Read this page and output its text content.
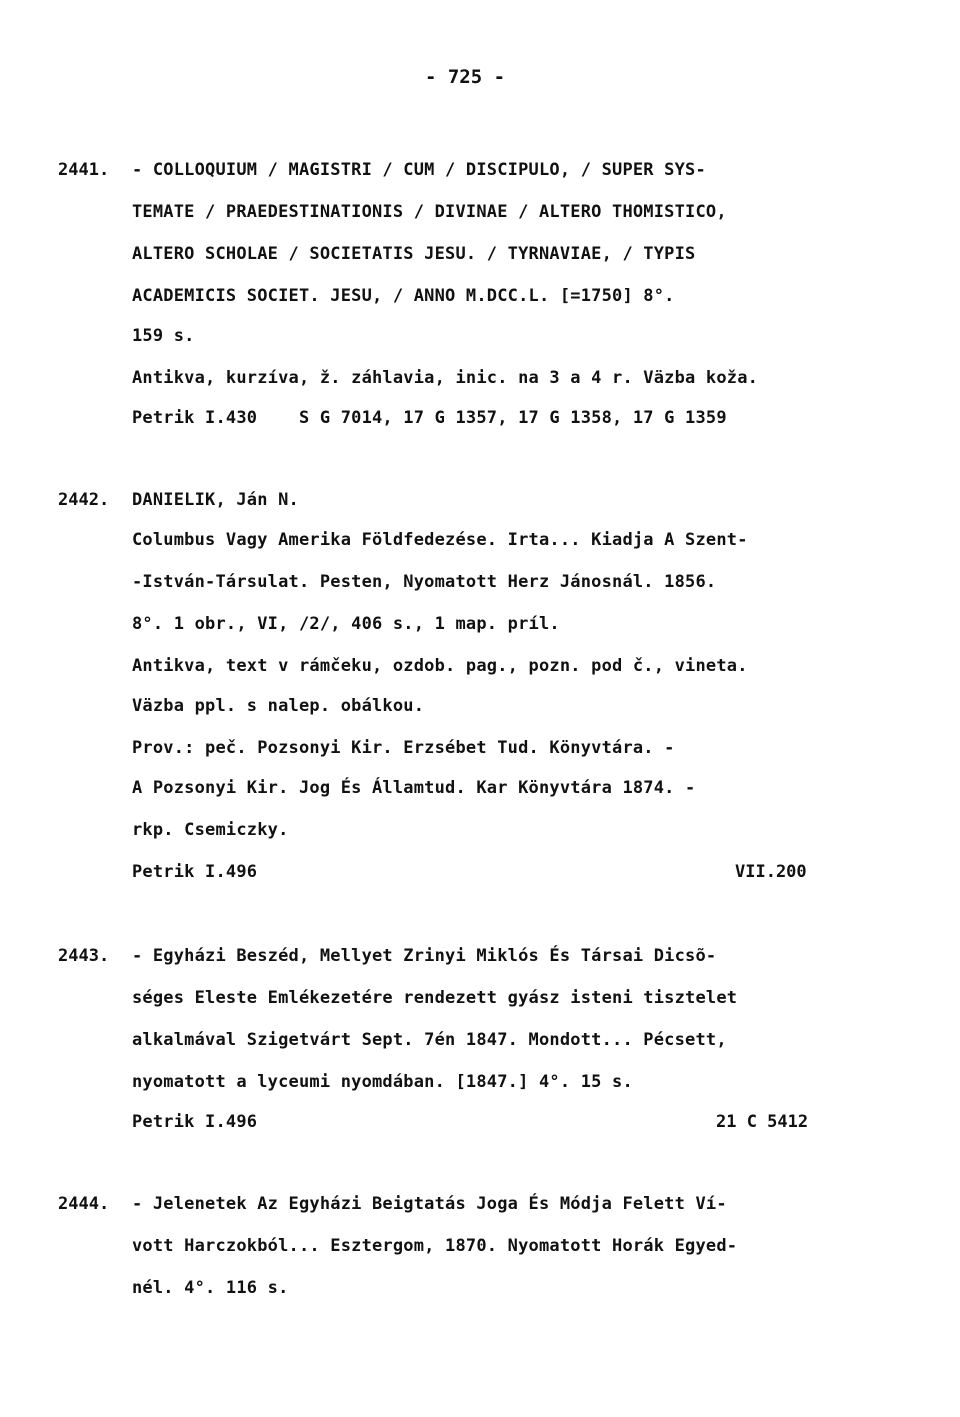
- 725 -
2441. - COLLOQUIUM / MAGISTRI / CUM / DISCIPULO, / SUPER SYS-
TEMATE / PRAEDESTINATIONIS / DIVINAE / ALTERO THOMISTICO,
ALTERO SCHOLAE / SOCIETATIS JESU. / TYRNAVIAE, / TYPIS
ACADEMICIS SOCIET. JESU, / ANNO M.DCC.L. [=1750] 8°.
159 s.
Antikva, kurzíva, ž. záhlavia, inic. na 3 a 4 r. Väzba koža.
Petrik I.430    S G 7014, 17 G 1357, 17 G 1358, 17 G 1359
2442. DANIELIK, Ján N.
Columbus Vagy Amerika Földfedezése. Irta... Kiadja A Szent-
-István-Társulat. Pesten, Nyomatott Herz Jánosnál. 1856.
8°. 1 obr., VI, /2/, 406 s., 1 map. príl.
Antikva, text v rámčeku, ozdob. pag., pozn. pod č., vineta.
Väzba ppl. s nalep. obálkou.
Prov.: peč. Pozsonyi Kir. Erzsébet Tud. Könyvtára. -
A Pozsonyi Kir. Jog És Államtud. Kar Könyvtára 1874. -
rkp. Csemiczky.
Petrik I.496	VII.200
2443. - Egyházi Beszéd, Mellyet Zrinyi Miklós És Társai Dicsõ-
séges Eleste Emlékezetére rendezett gyász isteni tisztelet
alkalmával Szigetvárt Sept. 7én 1847. Mondott... Pécsett,
nyomatott a lyceumi nyomdában. [1847.] 4°. 15 s.
Petrik I.496	21 C 5412
2444. - Jelenetek Az Egyházi Beigtatás Joga És Módja Felett Ví-
vott Harczokból... Esztergom, 1870. Nyomatott Horák Egyed-
nél. 4°. 116 s.
